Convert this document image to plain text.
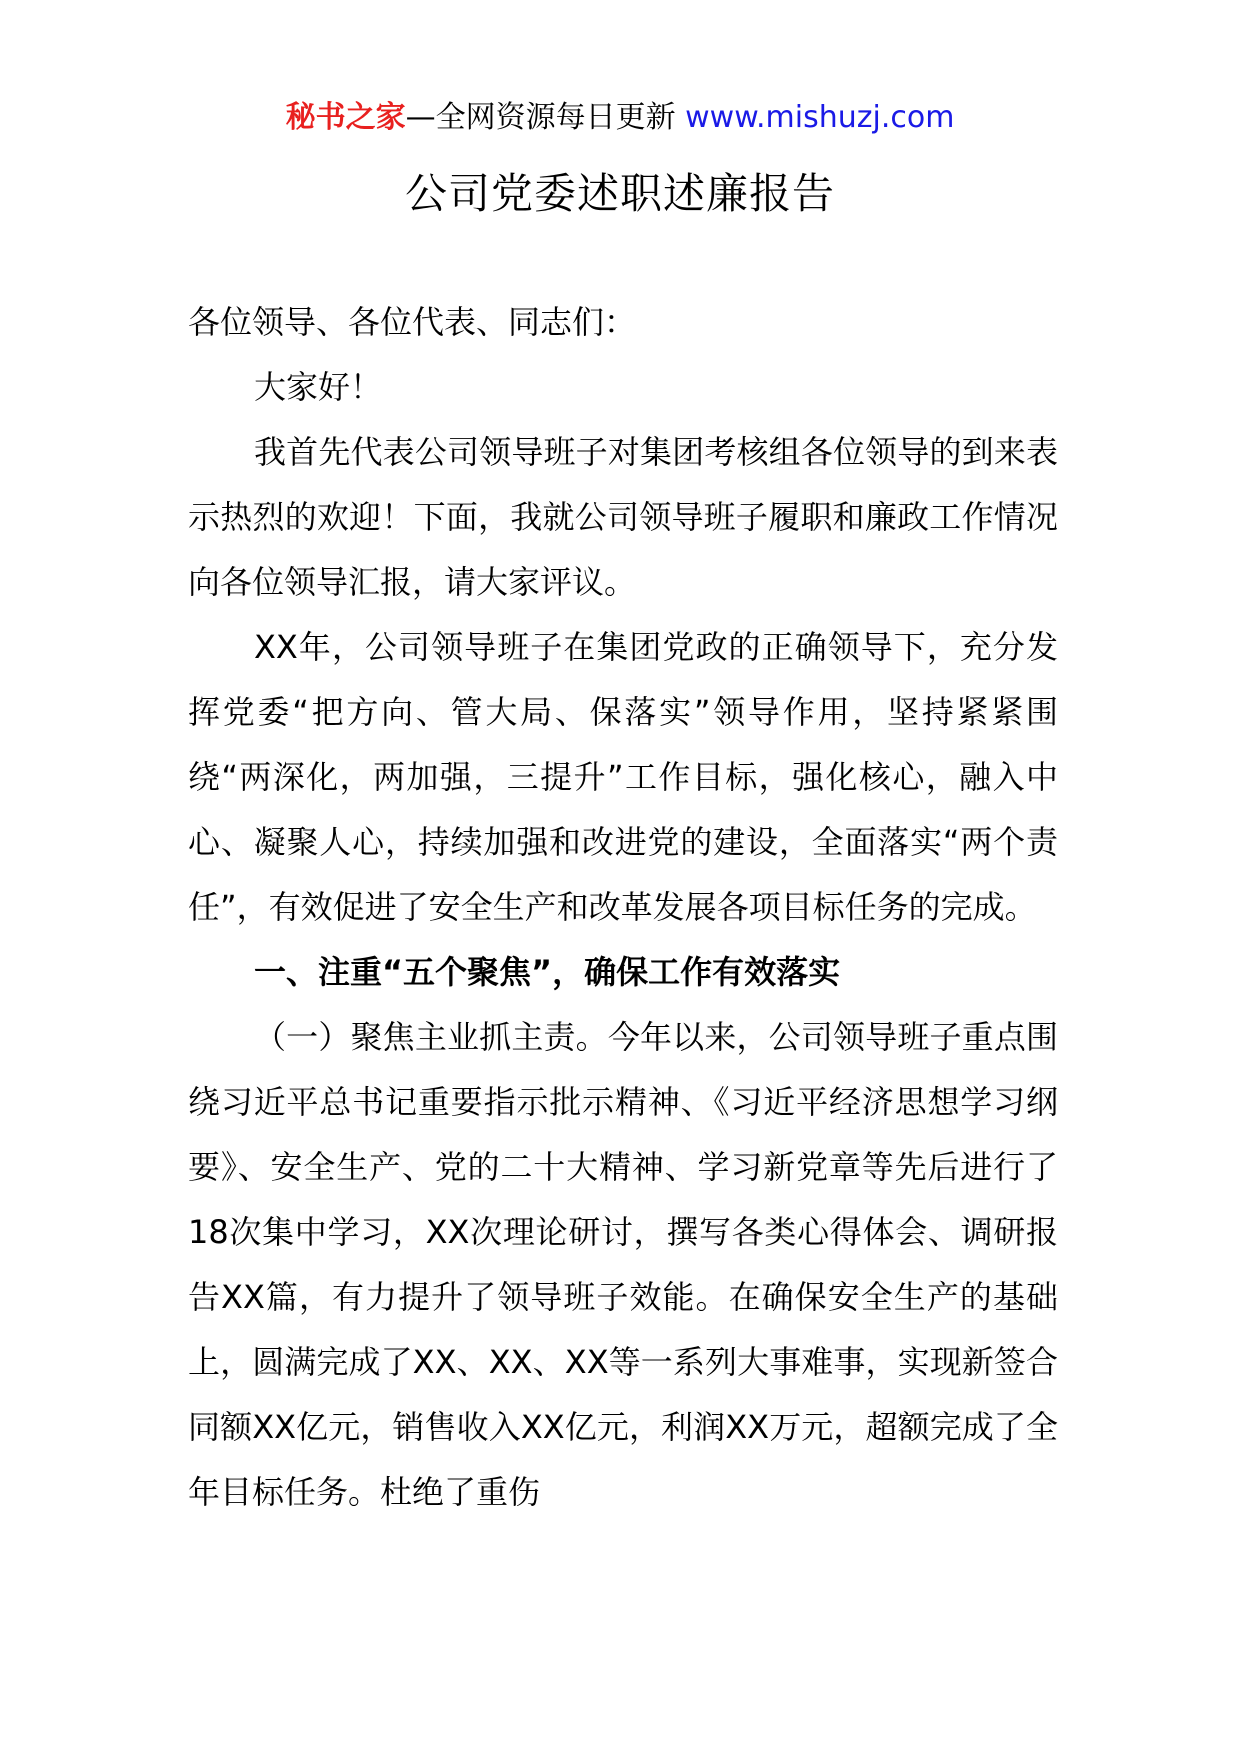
秘书之家—全网资源每日更新 www.mishuzj.com
公司党委述职述廉报告

各位领导、各位代表、同志们：

大家好！

我首先代表公司领导班子对集团考核组各位领导的到来表示热烈的欢迎！下面，我就公司领导班子履职和廉政工作情况向各位领导汇报，请大家评议。

XX年，公司领导班子在集团党政的正确领导下，充分发挥党委“把方向、管大局、保落实”领导作用，坚持紧紧围绕“两深化，两加强，三提升”工作目标，强化核心，融入中心、凝聚人心，持续加强和改进党的建设，全面落实“两个责任”，有效促进了安全生产和改革发展各项目标任务的完成。

一、注重“五个聚焦”，确保工作有效落实

（一）聚焦主业抓主责。今年以来，公司领导班子重点围绕习近平总书记重要指示批示精神、《习近平经济思想学习纲要》、安全生产、党的二十大精神、学习新党章等先后进行了18次集中学习，XX次理论研讨，撰写各类心得体会、调研报告XX篇，有力提升了领导班子效能。在确保安全生产的基础上，圆满完成了XX、XX、XX等一系列大事难事，实现新签合同额XX亿元，销售收入XX亿元，利润XX万元，超额完成了全年目标任务。杜绝了重伤
